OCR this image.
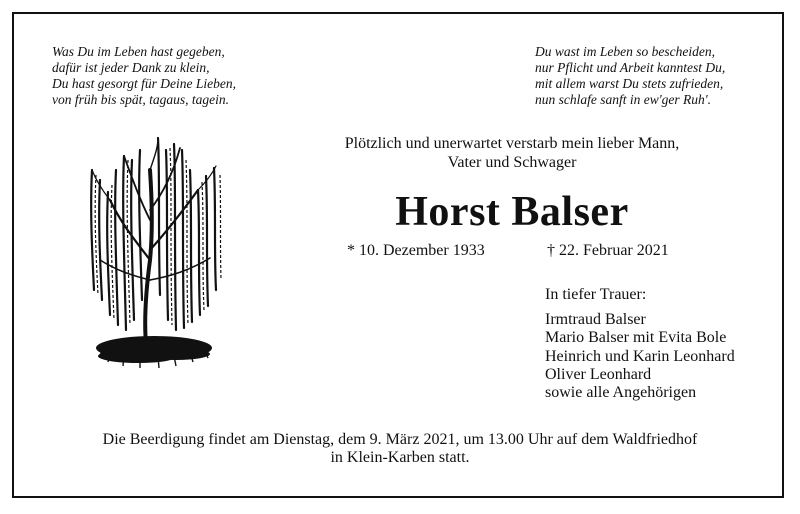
Was Du im Leben hast gegeben,
dafür ist jeder Dank zu klein,
Du hast gesorgt für Deine Lieben,
von früh bis spät, tagaus, tagein.
Du wast im Leben so bescheiden,
nur Pflicht und Arbeit kanntest Du,
mit allem warst Du stets zufrieden,
nun schlafe sanft in ew'ger Ruh'.
Plötzlich und unerwartet verstarb mein lieber Mann,
Vater und Schwager
Horst Balser
* 10. Dezember 1933	† 22. Februar 2021
In tiefer Trauer:
Irmtraud Balser
Mario Balser mit Evita Bole
Heinrich und Karin Leonhard
Oliver Leonhard
sowie alle Angehörigen
Die Beerdigung findet am Dienstag, dem 9. März 2021, um 13.00 Uhr auf dem Waldfriedhof
in Klein-Karben statt.
